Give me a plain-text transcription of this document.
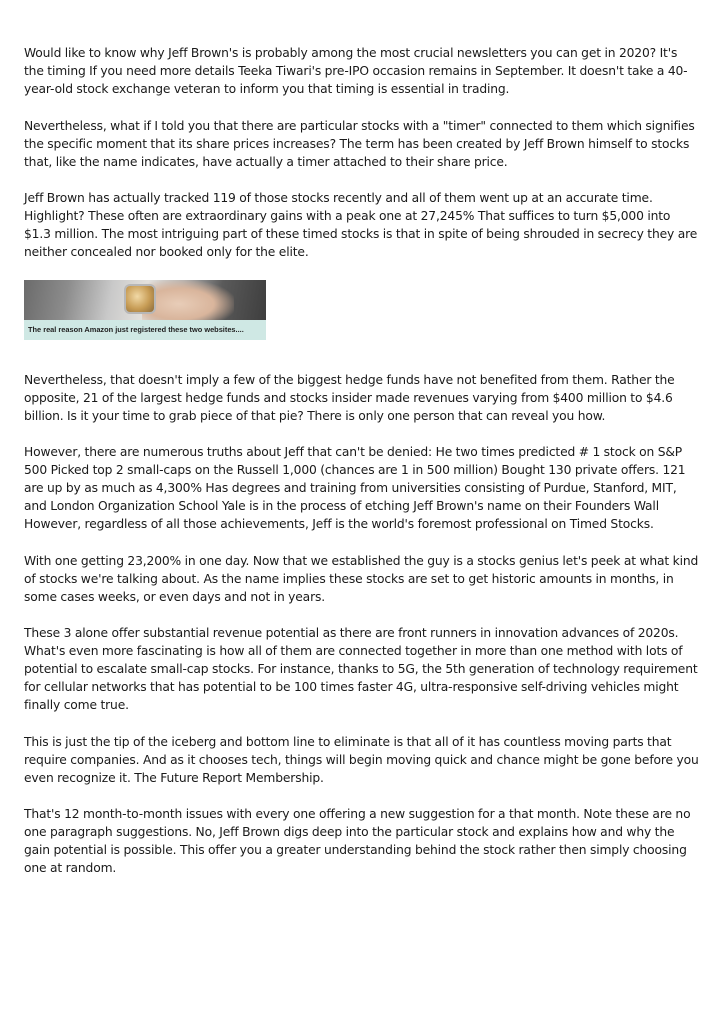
Would like to know why Jeff Brown's is probably among the most crucial newsletters you can get in 2020? It's the timing If you need more details Teeka Tiwari's pre-IPO occasion remains in September. It doesn't take a 40-year-old stock exchange veteran to inform you that timing is essential in trading.

Nevertheless, what if I told you that there are particular stocks with a "timer" connected to them which signifies the specific moment that its share prices increases? The term has been created by Jeff Brown himself to stocks that, like the name indicates, have actually a timer attached to their share price.

Jeff Brown has actually tracked 119 of those stocks recently and all of them went up at an accurate time. Highlight? These often are extraordinary gains with a peak one at 27,245% That suffices to turn $5,000 into $1.3 million. The most intriguing part of these timed stocks is that in spite of being shrouded in secrecy they are neither concealed nor booked only for the elite.

The real reason Amazon just registered these two websites....

Nevertheless, that doesn't imply a few of the biggest hedge funds have not benefited from them. Rather the opposite, 21 of the largest hedge funds and stocks insider made revenues varying from $400 million to $4.6 billion. Is it your time to grab piece of that pie? There is only one person that can reveal you how.

However, there are numerous truths about Jeff that can't be denied: He two times predicted # 1 stock on S&P 500 Picked top 2 small-caps on the Russell 1,000 (chances are 1 in 500 million) Bought 130 private offers. 121 are up by as much as 4,300% Has degrees and training from universities consisting of Purdue, Stanford, MIT, and London Organization School Yale is in the process of etching Jeff Brown's name on their Founders Wall However, regardless of all those achievements, Jeff is the world's foremost professional on Timed Stocks.

With one getting 23,200% in one day. Now that we established the guy is a stocks genius let's peek at what kind of stocks we're talking about. As the name implies these stocks are set to get historic amounts in months, in some cases weeks, or even days and not in years.

These 3 alone offer substantial revenue potential as there are front runners in innovation advances of 2020s. What's even more fascinating is how all of them are connected together in more than one method with lots of potential to escalate small-cap stocks. For instance, thanks to 5G, the 5th generation of technology requirement for cellular networks that has potential to be 100 times faster 4G, ultra-responsive self-driving vehicles might finally come true.

This is just the tip of the iceberg and bottom line to eliminate is that all of it has countless moving parts that require companies. And as it chooses tech, things will begin moving quick and chance might be gone before you even recognize it. The Future Report Membership.

That's 12 month-to-month issues with every one offering a new suggestion for a that month. Note these are no one paragraph suggestions. No, Jeff Brown digs deep into the particular stock and explains how and why the gain potential is possible. This offer you a greater understanding behind the stock rather then simply choosing one at random.
